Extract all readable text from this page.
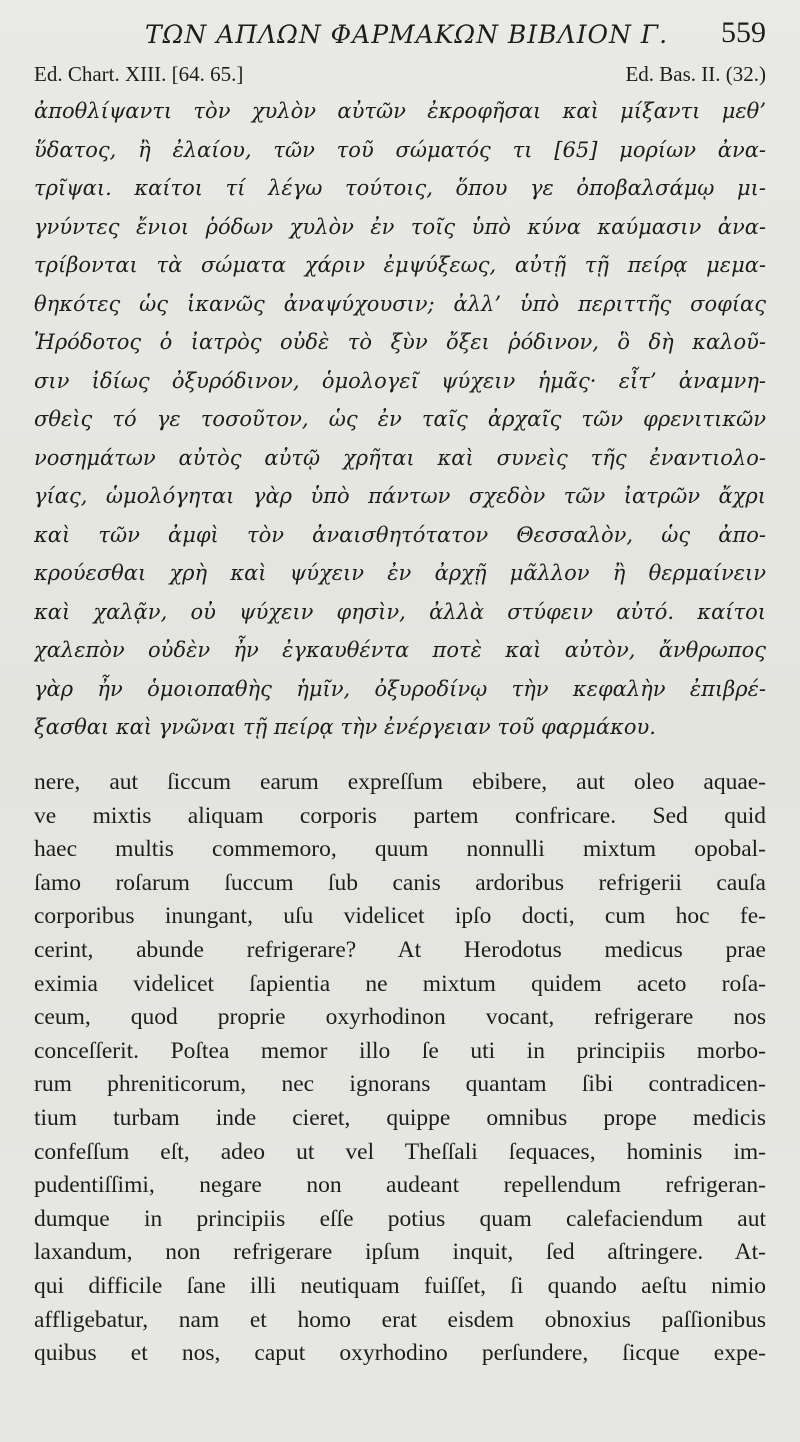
ΤΩΝ ΑΠΛΩΝ ΦΑΡΜΑΚΩΝ ΒΙΒΛΙΟΝ Γ. 559
Ed. Chart. XIII. [64. 65.]	Ed. Bas. II. (32.)
ἀποθλίψαντι τὸν χυλὸν αὐτῶν ἐκροφῆσαι καὶ μίξαντι μεθ’
ὕδατος, ἢ ἐλαίου, τῶν τοῦ σώματός τι [65] μορίων ἀνα-
τρῖψαι. καίτοι τί λέγω τούτοις, ὅπου γε ὀποβαλσάμῳ μι-
γνύντες ἔνιοι ῥόδων χυλὸν ἐν τοῖς ὑπὸ κύνα καύμασιν ἀνα-
τρίβονται τὰ σώματα χάριν ἐμψύξεως, αὐτῇ τῇ πείρᾳ μεμα-
θηκότες ὡς ἱκανῶς ἀναψύχουσιν; ἀλλ’ ὑπὸ περιττῆς σοφίας
Ἡρόδοτος ὁ ἰατρὸς οὐδὲ τὸ ξὺν ὄξει ῥόδινον, ὃ δὴ καλοῦ-
σιν ἰδίως ὀξυρόδινον, ὁμολογεῖ ψύχειν ἡμᾶς· εἶτ’ ἀναμνη-
σθεὶς τό γε τοσοῦτον, ὡς ἐν ταῖς ἀρχαῖς τῶν φρενιτικῶν
νοσημάτων αὐτὸς αὐτῷ χρῆται καὶ συνεὶς τῆς ἐναντιολο-
γίας, ὡμολόγηται γὰρ ὑπὸ πάντων σχεδὸν τῶν ἰατρῶν ἄχρι
καὶ τῶν ἀμφὶ τὸν ἀναισθητότατον Θεσσαλὸν, ὡς ἀπο-
κρούεσθαι χρὴ καὶ ψύχειν ἐν ἀρχῇ μᾶλλον ἢ θερμαίνειν
καὶ χαλᾷν, οὐ ψύχειν φησὶν, ἀλλὰ στύφειν αὐτό. καίτοι
χαλεπὸν οὐδὲν ἦν ἐγκαυθέντα ποτὲ καὶ αὐτὸν, ἄνθρωπος
γὰρ ἦν ὁμοιοπαθὴς ἡμῖν, ὀξυροδίνῳ τὴν κεφαλὴν ἐπιβρέ-
ξασθαι καὶ γνῶναι τῇ πείρᾳ τὴν ἐνέργειαν τοῦ φαρμάκου.
nere, aut ſiccum earum expreſſum ebibere, aut oleo aquae-
ve mixtis aliquam corporis partem confricare. Sed quid
haec multis commemoro, quum nonnulli mixtum opobal-
ſamo roſarum ſuccum ſub canis ardoribus refrigerii cauſa
corporibus inungant, uſu videlicet ipſo docti, cum hoc fe-
cerint, abunde refrigerare? At Herodotus medicus prae
eximia videlicet ſapientia ne mixtum quidem aceto roſa-
ceum, quod proprie oxyrhodinon vocant, refrigerare nos
conceſſerit. Poſtea memor illo ſe uti in principiis morbo-
rum phreniticorum, nec ignorans quantam ſibi contradicen-
tium turbam inde cieret, quippe omnibus prope medicis
confeſſum eſt, adeo ut vel Theſſali ſequaces, hominis im-
pudentiſſimi, negare non audeant repellendum refrigeran-
dumque in principiis eſſe potius quam calefaciendum aut
laxandum, non refrigerare ipſum inquit, ſed aſtringere. At-
qui difficile ſane illi neutiquam fuiſſet, ſi quando aeſtu nimio
affligebatur, nam et homo erat eisdem obnoxius paſſionibus
quibus et nos, caput oxyrhodino perſundere, ſicque expe-
